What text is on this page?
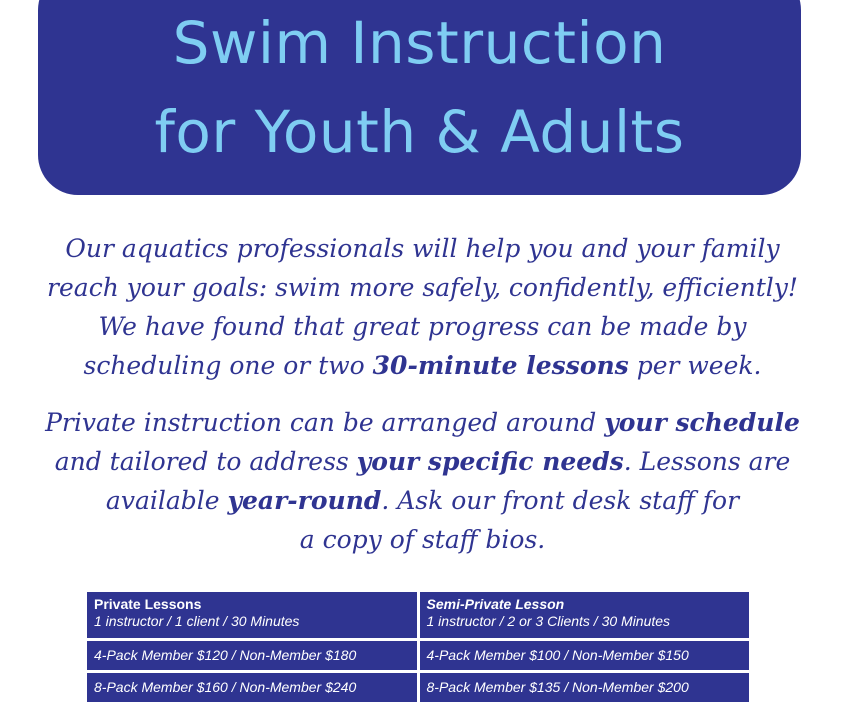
Swim Instruction
for Youth & Adults

Our aquatics professionals will help you and your family
reach your goals: swim more safely, confidently, efficiently!
We have found that great progress can be made by
scheduling one or two 30-minute lessons per week.

Private instruction can be arranged around your schedule
and tailored to address your specific needs. Lessons are
available year-round. Ask our front desk staff for
a copy of staff bios.

Private Lessons
1 instructor / 1 client / 30 Minutes
Semi-Private Lesson
1 instructor / 2 or 3 Clients / 30 Minutes
4-Pack Member $120 / Non-Member $180	4-Pack Member $100 / Non-Member $150
8-Pack Member $160 / Non-Member $240	8-Pack Member $135 / Non-Member $200
